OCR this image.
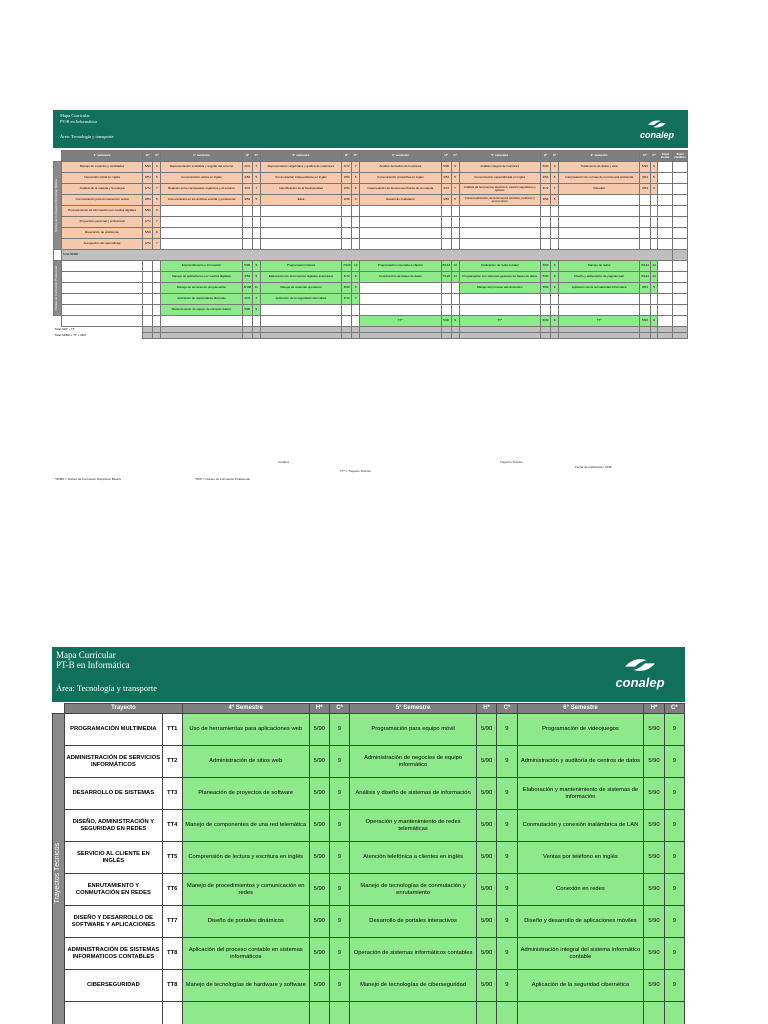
Mapa Curricular
PT-B en Informática
Área: Tecnología y transporte	conalep
	1° semestre	H*	C*	2° semestre	H*	C*	3° semestre	H*	C*	4° semestre	H*	C*	5° semestre	H*	C*	6° semestre	H*	C*	Total horas	Total créditos

Núcleo de Formación Disciplinar Básica	Manejo de espacios y cantidades	5/90	9	Representación simbólica y angular del entorno	4/72	7	Representación algebraica y gráfica de relaciones	4/72	7	Análisis derivativo de funciones	5/90	9	Análisis integral de funciones	5/90	9	Tratamiento de datos y azar	5/90	9		
	Interacción inicial en inglés	3/54	5	Comunicación activa en inglés	3/54	5	Comunicación independiente en inglés	3/54	5	Comunicación productiva en inglés	3/54	5	Comunicación especializada en inglés	3/54	5	Interpretación de normas de convivencia ambiental	3/54	5		
	Análisis de la materia y la energía	4/72	7	Relación entre compuestos orgánicos y el entorno	4/72	7	Identificación de la biodiversidad	3/54	5	Interpretación de fenómenos físicos de la materia	4/72	7	Análisis de fenómenos eléctricos, electromagnéticos y ópticos	4/72	7	Filosofía	3/54	5		
	Comunicación para la interacción social	3/54	5	Comunicación en los ámbitos escolar y profesional	3/54	5	Ética	2/36	4	Desarrollo ciudadano	3/54	5	Contextualización de fenómenos sociales, políticos y económicos	3/54	5					
	Procesamiento de información por medios digitales	5/90	9																	
	Proyección personal y profesional	4/72	7																	
	Resolución de problemas	5/90	9																	
	Autogestión del aprendizaje	4/72	7																	
	Total NFBD																			

Núcleo de Formación Profesional				Emprendimiento e innovación	5/90	9	Programación básica	7/126	13	Programación orientada a objetos	8/144	14	Graficación de redes locales	5/90	9	Manejo de redes	8/144	14		
				Manejo de aplicaciones por medios digitales	3/54	5	Elaboración de documentos digitales avanzados	4/72	8	Construcción de bases de datos	7/126	13	Programación con sistemas gestores de bases de datos	5/90	9	Diseño y elaboración de páginas web	8/144	14		
				Manejo de técnicas de programación	6/108	11	Manejo de sistemas operativos	5/90	9				Manejo del proceso administrativo	5/90	9	Aplicación de la normatividad informática	3/54	5		
				Aplicación de matemáticas discretas	4/72	7	Aplicación de la seguridad informática	4/72	7											
				Mantenimiento de equipo de cómputo básico	5/90	9														
										TT*	5/90	9	TT*	5/90	9	TT*	5/90	9		
Total NFP + TT																				
Total NFBD + TT + NFP																				
*NFBD = Núcleo de Formación Disciplinar Básica	*NFP = Núcleo de Formación Profesional
TT* = Trayecto Técnico
Créditos	Trayecto Técnico
Fecha de publicación: 2018
Mapa Curricular
PT-B en Informática
Área: Tecnología y transporte	conalep
	Trayecto		4° Semestre	H*	C*	5° Semestre	H*	C*	6° Semestre	H*	C*

Trayectos Técnicos	PROGRAMACIÓN MULTIMEDIA	TT1	Uso de herramientas para aplicaciones web	5/90	9	Programación para equipo móvil	5/90	9	Programación de videojuegos	5/90	9
	ADMINISTRACIÓN DE SERVICIOS INFORMÁTICOS	TT2	Administración de sitios web	5/90	9	Administración de negocios de equipo informático	5/90	9	Administración y auditoría de centros de datos	5/90	9
	DESARROLLO DE SISTEMAS	TT3	Planeación de proyectos de software	5/90	9	Análisis y diseño de sistemas de información	5/90	9	Elaboración y mantenimiento de sistemas de información	5/90	9
	DISEÑO, ADMINISTRACIÓN Y SEGURIDAD EN REDES	TT4	Manejo de componentes de una red telemática	5/90	9	Operación y mantenimiento de redes telemáticas	5/90	9	Conmutación y conexión inalámbrica de LAN	5/90	9
	SERVICIO AL CLIENTE EN INGLÉS	TT5	Comprensión de lectura y escritura en inglés	5/90	9	Atención telefónica a clientes en inglés	5/90	9	Ventas por teléfono en inglés	5/90	9
	ENRUTAMIENTO Y CONMUTACIÓN EN REDES	TT6	Manejo de procedimientos y comunicación en redes	5/90	9	Manejo de tecnologías de conmutación y enrutamiento	5/90	9	Conexión en redes	5/90	9
	DISEÑO Y DESARROLLO DE SOFTWARE Y APLICACIONES	TT7	Diseño de portales dinámicos	5/90	9	Desarrollo de portales interactivos	5/90	9	Diseño y desarrollo de aplicaciones móviles	5/90	9
	ADMINISTRACIÓN DE SISTEMAS INFORMATICOS CONTABLES	TT8	Aplicación del proceso contable en sistemas informáticos	5/90	9	Operación de sistemas informáticos contables	5/90	9	Administración integral del sistema informático contable	5/90	9
	CIBERSEGURIDAD	TT8	Manejo de tecnologías de hardware y software	5/90	9	Manejo de tecnologías de ciberseguridad	5/90	9	Aplicación de la seguridad cibernética	5/90	9
